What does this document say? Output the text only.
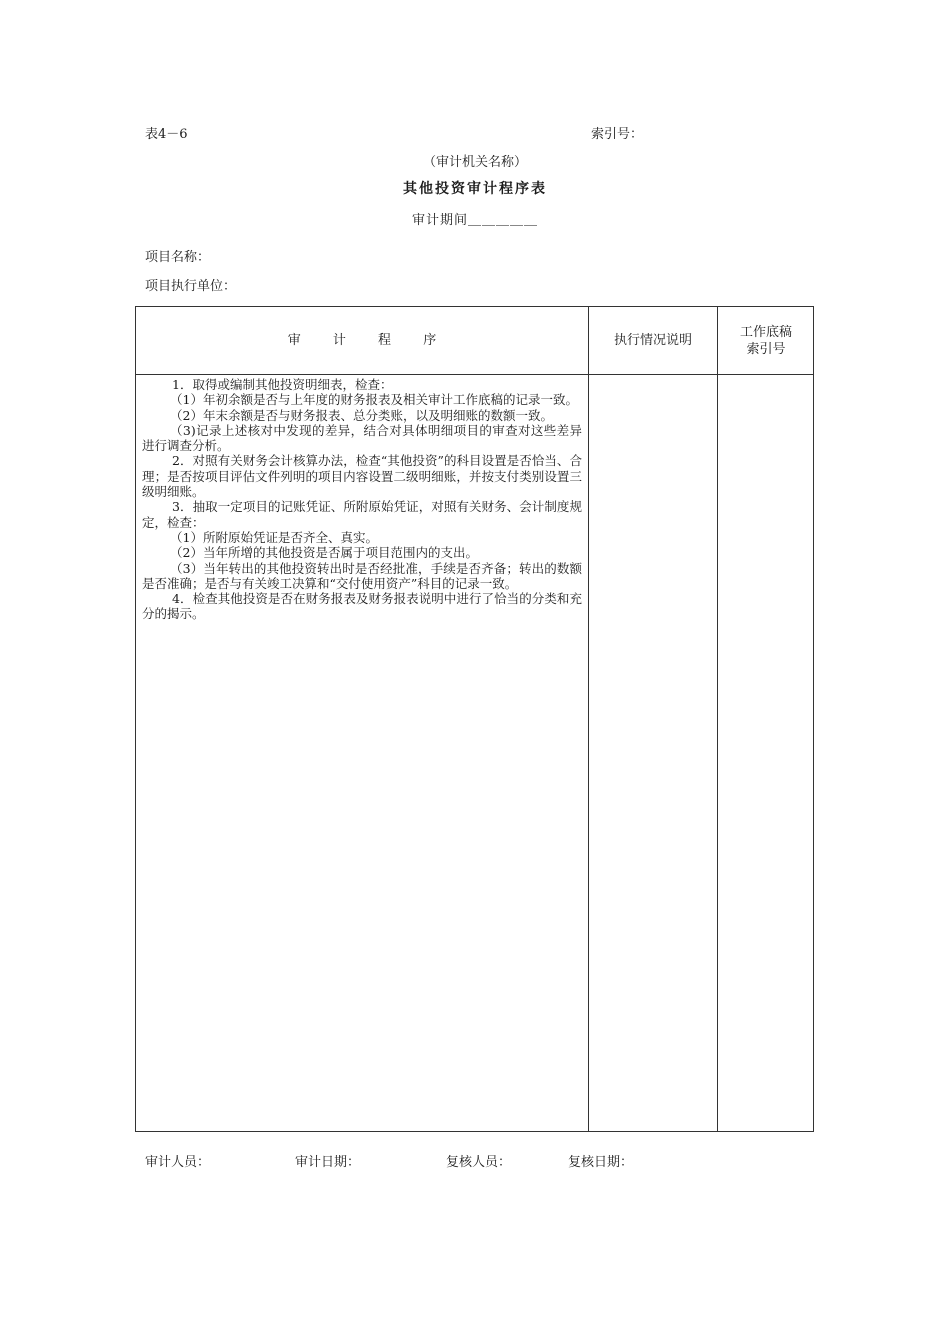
表4－6	索引号：
（审计机关名称）
其他投资审计程序表
审计期间＿＿＿＿＿
项目名称：
项目执行单位：
审 计 程 序	执行情况说明
工作底稿
索引号

1．取得或编制其他投资明细表，检查：

（1）年初余额是否与上年度的财务报表及相关审计工作底稿的记录一致。

（2）年末余额是否与财务报表、总分类账，以及明细账的数额一致。

（3)记录上述核对中发现的差异，结合对具体明细项目的审查对这些差异进行调查分析。

2．对照有关财务会计核算办法，检查“其他投资”的科目设置是否恰当、合理；是否按项目评估文件列明的项目内容设置二级明细账，并按支付类别设置三级明细账。

3．抽取一定项目的记账凭证、所附原始凭证，对照有关财务、会计制度规定，检查：

（1）所附原始凭证是否齐全、真实。

（2）当年所增的其他投资是否属于项目范围内的支出。

（3）当年转出的其他投资转出时是否经批准，手续是否齐备；转出的数额是否准确；是否与有关竣工决算和“交付使用资产”科目的记录一致。

4．检查其他投资是否在财务报表及财务报表说明中进行了恰当的分类和充分的揭示。

审计人员：	审计日期：	复核人员：	复核日期：
